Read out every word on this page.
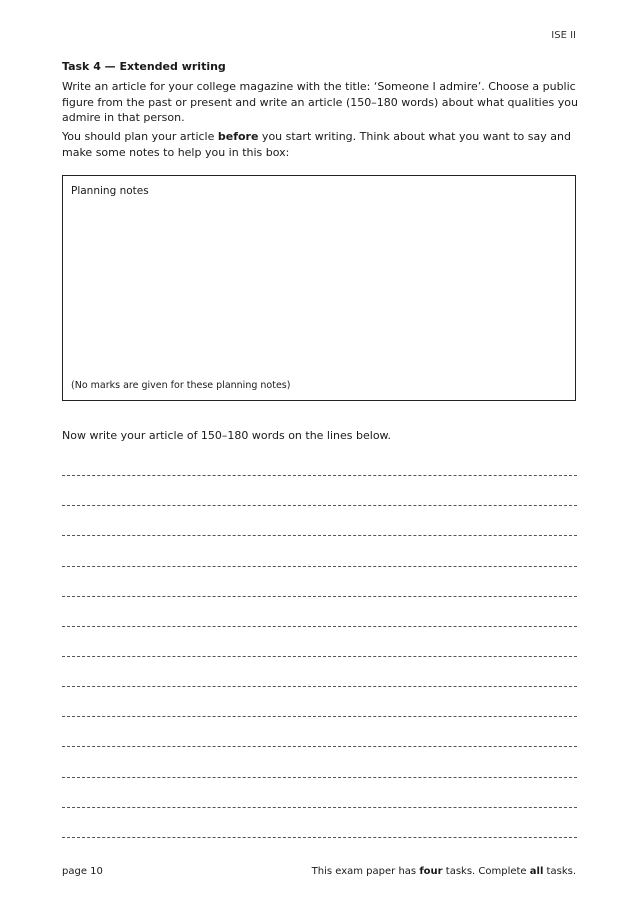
ISE II
Task 4 — Extended writing
Write an article for your college magazine with the title: ‘Someone I admire’. Choose a public figure from the past or present and write an article (150–180 words) about what qualities you admire in that person.
You should plan your article before you start writing. Think about what you want to say and make some notes to help you in this box:
Planning notes
(No marks are given for these planning notes)
Now write your article of 150–180 words on the lines below.
page 10	This exam paper has four tasks. Complete all tasks.
